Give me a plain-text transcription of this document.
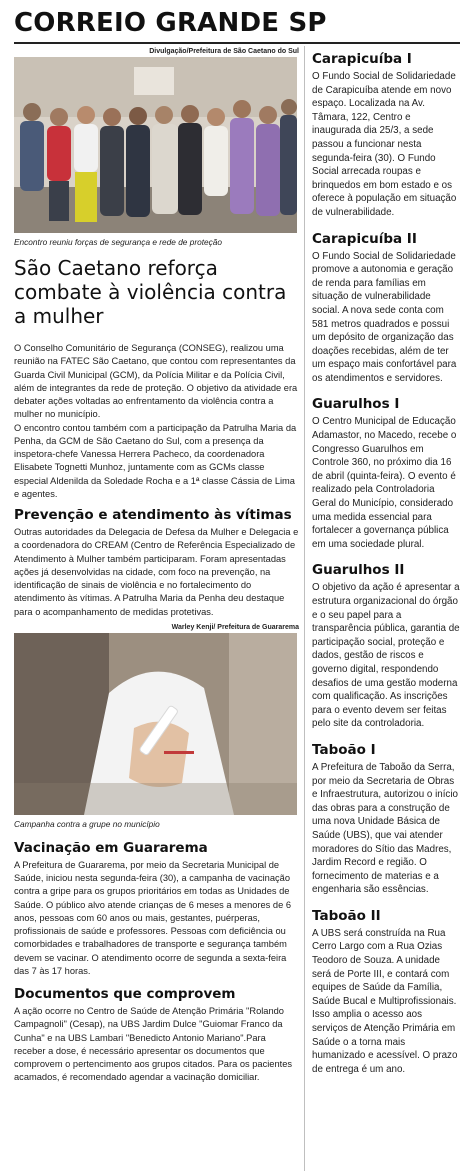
CORREIO GRANDE SP
Divulgação/Prefeitura de São Caetano do Sul
Encontro reuniu forças de segurança e rede de proteção
São Caetano reforça combate à violência contra a mulher

O Conselho Comunitário de Segurança (CONSEG), realizou uma reunião na FATEC São Caetano, que contou com representantes da Guarda Civil Municipal (GCM), da Polícia Militar e da Polícia Civil, além de integrantes da rede de proteção. O objetivo da atividade era debater ações voltadas ao enfrentamento da violência contra a mulher no município.

O encontro contou também com a participação da Patrulha Maria da Penha, da GCM de São Caetano do Sul, com a presença da inspetora-chefe Vanessa Herrera Pacheco, da coordenadora Elisabete Tognetti Munhoz, juntamente com as GCMs classe especial Aldenilda da Soledade Rocha e a 1ª classe Cássia de Lima e agentes.

Prevenção e atendimento às vítimas

Outras autoridades da Delegacia de Defesa da Mulher e Delegacia e a coordenadora do CREAM (Centro de Referência Especializado de Atendimento à Mulher também participaram. Foram apresentadas ações já desenvolvidas na cidade, com foco na prevenção, na identificação de sinais de violência e no fortalecimento do atendimento às vítimas. A Patrulha Maria da Penha deu destaque para o acompanhamento de medidas protetivas.

Warley Kenji/ Prefeitura de Guararema
Campanha contra a grupe no município
Vacinação em Guararema

A Prefeitura de Guararema, por meio da Secretaria Municipal de Saúde, iniciou nesta segunda-feira (30), a campanha de vacinação contra a gripe para os grupos prioritários em todas as Unidades de Saúde. O público alvo atende crianças de 6 meses a menores de 6 anos, pessoas com 60 anos ou mais, gestantes, puérperas, profissionais de saúde e professores. Pessoas com deficiência ou comorbidades e trabalhadores de transporte e segurança também devem se vacinar. O atendimento ocorre de segunda a sexta-feira das 7 às 17 horas.

Documentos que comprovem

A ação ocorre no Centro de Saúde de Atenção Primária "Rolando Campagnoli" (Cesap), na UBS Jardim Dulce "Guiomar Franco da Cunha" e na UBS Lambari "Benedicto Antonio Mariano".Para receber a dose, é necessário apresentar os documentos que comprovem o pertencimento aos grupos citados. Para os pacientes acamados, é recomendado agendar a vacinação domiciliar.

Carapicuíba I

O Fundo Social de Solidariedade de Carapicuíba atende em novo espaço. Localizada na Av. Tâmara, 122, Centro e inaugurada dia 25/3, a sede passou a funcionar nesta segunda-feira (30). O Fundo Social arrecada roupas e brinquedos em bom estado e os oferece à população em situação de vulnerabilidade.

Carapicuíba II

O Fundo Social de Solidariedade promove a autonomia e geração de renda para famílias em situação de vulnerabilidade social. A nova sede conta com 581 metros quadrados e possui um depósito de organização das doações recebidas, além de ter um espaço mais confortável para os atendimentos e servidores.

Guarulhos I

O Centro Municipal de Educação Adamastor, no Macedo, recebe o Congresso Guarulhos em Controle 360, no próximo dia 16 de abril (quinta-feira). O evento é realizado pela Controladoria Geral do Município, considerado uma medida essencial para fortalecer a governança pública em uma sociedade plural.

Guarulhos II

O objetivo da ação é apresentar a estrutura organizacional do órgão e o seu papel para a transparência pública, garantia de participação social, proteção e dados, gestão de riscos e governo digital, respondendo desafios de uma gestão moderna com qualificação. As inscrições para o evento devem ser feitas pelo site da controladoria.

Taboão I

A Prefeitura de Taboão da Serra, por meio da Secretaria de Obras e Infraestrutura, autorizou o início das obras para a construção de uma nova Unidade Básica de Saúde (UBS), que vai atender moradores do Sítio das Madres, Jardim Record e região. O fornecimento de materias e a engenharia são essências.

Taboão II

A UBS será construída na Rua Cerro Largo com a Rua Ozias Teodoro de Souza. A unidade será de Porte III, e contará com equipes de Saúde da Família, Saúde Bucal e Multiprofissionais. Isso amplia o acesso aos serviços de Atenção Primária em Saúde o a torna mais humanizado e acessível. O prazo de entrega é um ano.
